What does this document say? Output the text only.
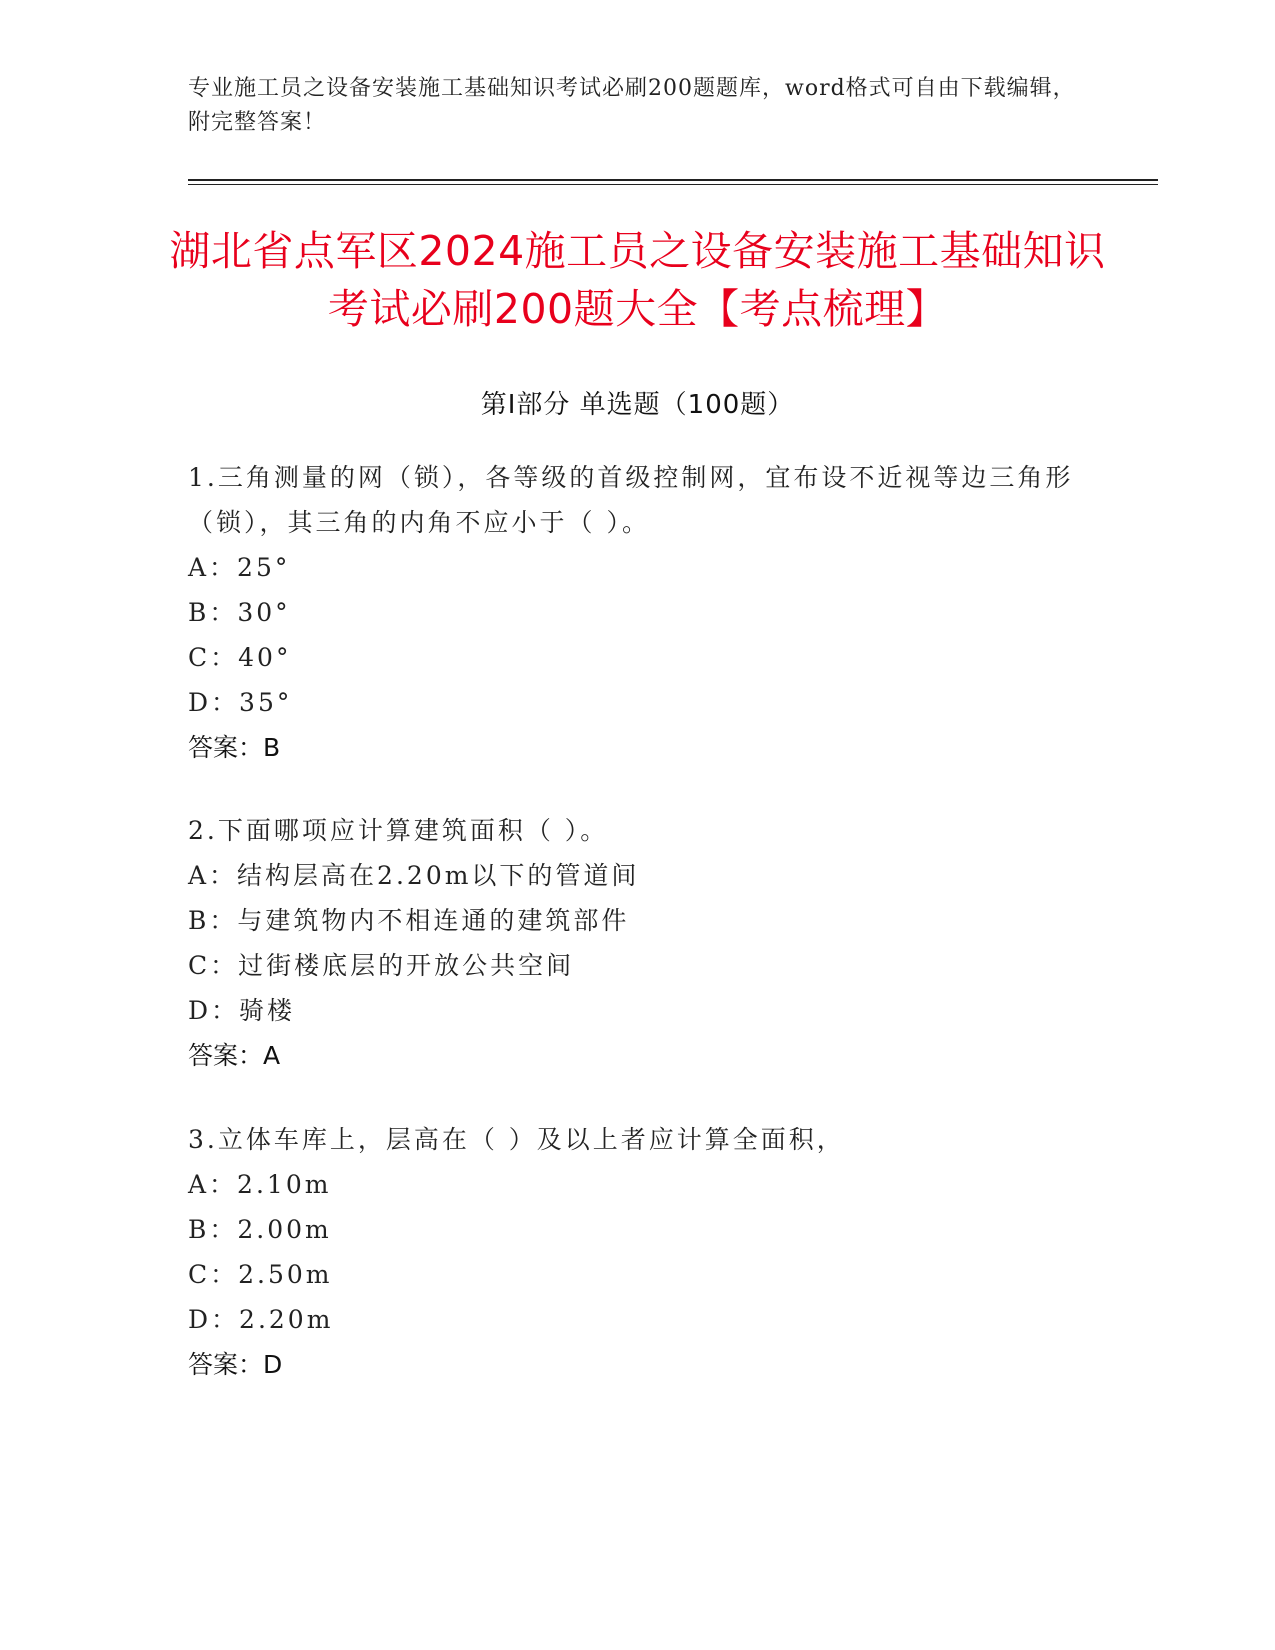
专业施工员之设备安装施工基础知识考试必刷200题题库，word格式可自由下载编辑，附完整答案！
湖北省点军区2024施工员之设备安装施工基础知识考试必刷200题大全【考点梳理】
第Ⅰ部分 单选题（100题）

1.三角测量的网（锁），各等级的首级控制网，宜布设不近视等边三角形（锁），其三角的内角不应小于（ ）。

A：25°

B：30°

C：40°

D：35°

答案：B

2.下面哪项应计算建筑面积（ ）。

A：结构层高在2.20m以下的管道间

B：与建筑物内不相连通的建筑部件

C：过街楼底层的开放公共空间

D：骑楼

答案：A

3.立体车库上，层高在（ ）及以上者应计算全面积，

A：2.10m

B：2.00m

C：2.50m

D：2.20m

答案：D
